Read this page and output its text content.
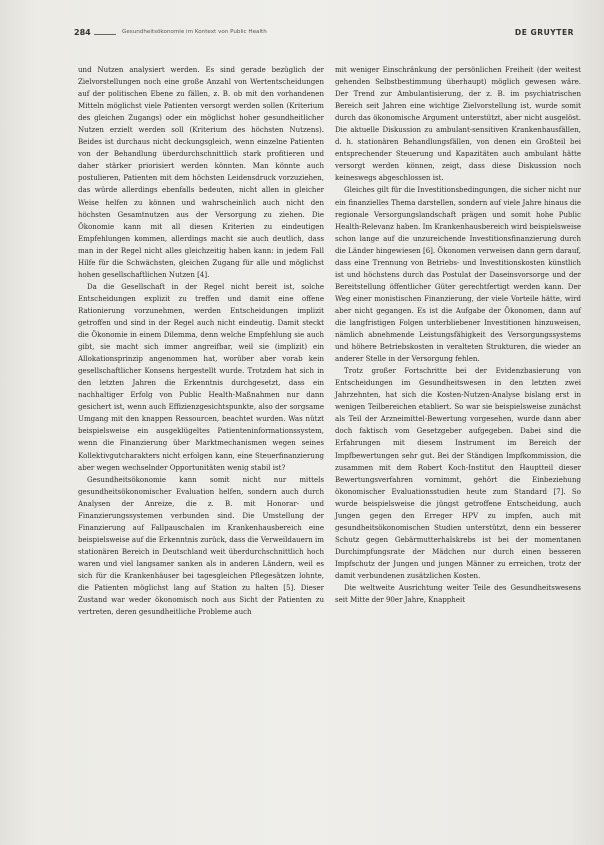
284	Gesundheitsökonomie im Kontext von Public Health	DE GRUYTER

und Nutzen analysiert werden. Es sind gerade bezüglich der Zielvorstellungen noch eine große Anzahl von Wertentscheidungen auf der politischen Ebene zu fällen, z. B. ob mit den vorhandenen Mitteln möglichst viele Patienten versorgt werden sollen (Kriterium des gleichen Zugangs) oder ein möglichst hoher gesundheitlicher Nutzen erzielt werden soll (Kriterium des höchsten Nutzens). Beides ist durchaus nicht deckungsgleich, wenn einzelne Patienten von der Behandlung überdurchschnittlich stark profitieren und daher stärker priorisiert werden könnten. Man könnte auch postulieren, Patienten mit dem höchsten Leidensdruck vorzuziehen, das würde allerdings ebenfalls bedeuten, nicht allen in gleicher Weise helfen zu können und wahrscheinlich auch nicht den höchsten Gesamtnutzen aus der Versorgung zu ziehen. Die Ökonomie kann mit all diesen Kriterien zu eindeutigen Empfehlungen kommen, allerdings macht sie auch deutlich, dass man in der Regel nicht alles gleichzeitig haben kann: in jedem Fall Hilfe für die Schwächsten, gleichen Zugang für alle und möglichst hohen gesellschaftlichen Nutzen [4].

Da die Gesellschaft in der Regel nicht bereit ist, solche Entscheidungen explizit zu treffen und damit eine offene Rationierung vorzunehmen, werden Entscheidungen implizit getroffen und sind in der Regel auch nicht eindeutig. Damit steckt die Ökonomie in einem Dilemma, denn welche Empfehlung sie auch gibt, sie macht sich immer angreifbar, weil sie (implizit) ein Allokationsprinzip angenommen hat, worüber aber vorab kein gesellschaftlicher Konsens hergestellt wurde. Trotzdem hat sich in den letzten Jahren die Erkenntnis durchgesetzt, dass ein nachhaltiger Erfolg von Public Health-Maßnahmen nur dann gesichert ist, wenn auch Effizienzgesichtspunkte, also der sorgsame Umgang mit den knappen Ressourcen, beachtet wurden. Was nützt beispielsweise ein ausgeklügeltes Patienteninformationssystem, wenn die Finanzierung über Marktmechanismen wegen seines Kollektivgutcharakters nicht erfolgen kann, eine Steuerfinanzierung aber wegen wechselnder Opportunitäten wenig stabil ist?

Gesundheitsökonomie kann somit nicht nur mittels gesundheitsökonomischer Evaluation helfen, sondern auch durch Analysen der Anreize, die z. B. mit Honorar- und Finanzierungssystemen verbunden sind. Die Umstellung der Finanzierung auf Fallpauschalen im Krankenhausbereich eine beispielsweise auf die Erkenntnis zurück, dass die Verweildauern im stationären Bereich in Deutschland weit überdurchschnittlich hoch waren und viel langsamer sanken als in anderen Ländern, weil es sich für die Krankenhäuser bei tagesgleichen Pflegesätzen lohnte, die Patienten möglichst lang auf Station zu halten [5]. Dieser Zustand war weder ökonomisch noch aus Sicht der Patienten zu vertreten, deren gesundheitliche Probleme auch

mit weniger Einschränkung der persönlichen Freiheit (der weitest gehenden Selbstbestimmung überhaupt) möglich gewesen wäre. Der Trend zur Ambulantisierung, der z. B. im psychiatrischen Bereich seit Jahren eine wichtige Zielvorstellung ist, wurde somit durch das ökonomische Argument unterstützt, aber nicht ausgelöst. Die aktuelle Diskussion zu ambulant-sensitiven Krankenhausfällen, d. h. stationären Behandlungsfällen, von denen ein Großteil bei entsprechender Steuerung und Kapazitäten auch ambulant hätte versorgt werden können, zeigt, dass diese Diskussion noch keineswegs abgeschlossen ist.

Gleiches gilt für die Investitionsbedingungen, die sicher nicht nur ein finanzielles Thema darstellen, sondern auf viele Jahre hinaus die regionale Versorgungslandschaft prägen und somit hohe Public Health-Relevanz haben. Im Krankenhausbereich wird beispielsweise schon lange auf die unzureichende Investitionsfinanzierung durch die Länder hingewiesen [6]. Ökonomen verweisen dann gern darauf, dass eine Trennung von Betriebs- und Investitionskosten künstlich ist und höchstens durch das Postulat der Daseinsvorsorge und der Bereitstellung öffentlicher Güter gerechtfertigt werden kann. Der Weg einer monistischen Finanzierung, der viele Vorteile hätte, wird aber nicht gegangen. Es ist die Aufgabe der Ökonomen, dann auf die langfristigen Folgen unterbliebener Investitionen hinzuweisen, nämlich abnehmende Leistungsfähigkeit des Versorgungssystems und höhere Betriebskosten in veralteten Strukturen, die wieder an anderer Stelle in der Versorgung fehlen.

Trotz großer Fortschritte bei der Evidenzbasierung von Entscheidungen im Gesundheitswesen in den letzten zwei Jahrzehnten, hat sich die Kosten-Nutzen-Analyse bislang erst in wenigen Teilbereichen etabliert. So war sie beispielsweise zunächst als Teil der Arzneimittel-Bewertung vorgesehen, wurde dann aber doch faktisch vom Gesetzgeber aufgegeben. Dabei sind die Erfahrungen mit diesem Instrument im Bereich der Impfbewertungen sehr gut. Bei der Ständigen Impfkommission, die zusammen mit dem Robert Koch-Institut den Hauptteil dieser Bewertungsverfahren vornimmt, gehört die Einbeziehung ökonomischer Evaluationsstudien heute zum Standard [7]. So wurde beispielsweise die jüngst getroffene Entscheidung, auch Jungen gegen den Erreger HPV zu impfen, auch mit gesundheitsökonomischen Studien unterstützt, denn ein besserer Schutz gegen Gebärmutterhalskrebs ist bei der momentanen Durchimpfungsrate der Mädchen nur durch einen besseren Impfschutz der Jungen und jungen Männer zu erreichen, trotz der damit verbundenen zusätzlichen Kosten.

Die weltweite Ausrichtung weiter Teile des Gesundheitswesens seit Mitte der 90er Jahre, Knappheit
